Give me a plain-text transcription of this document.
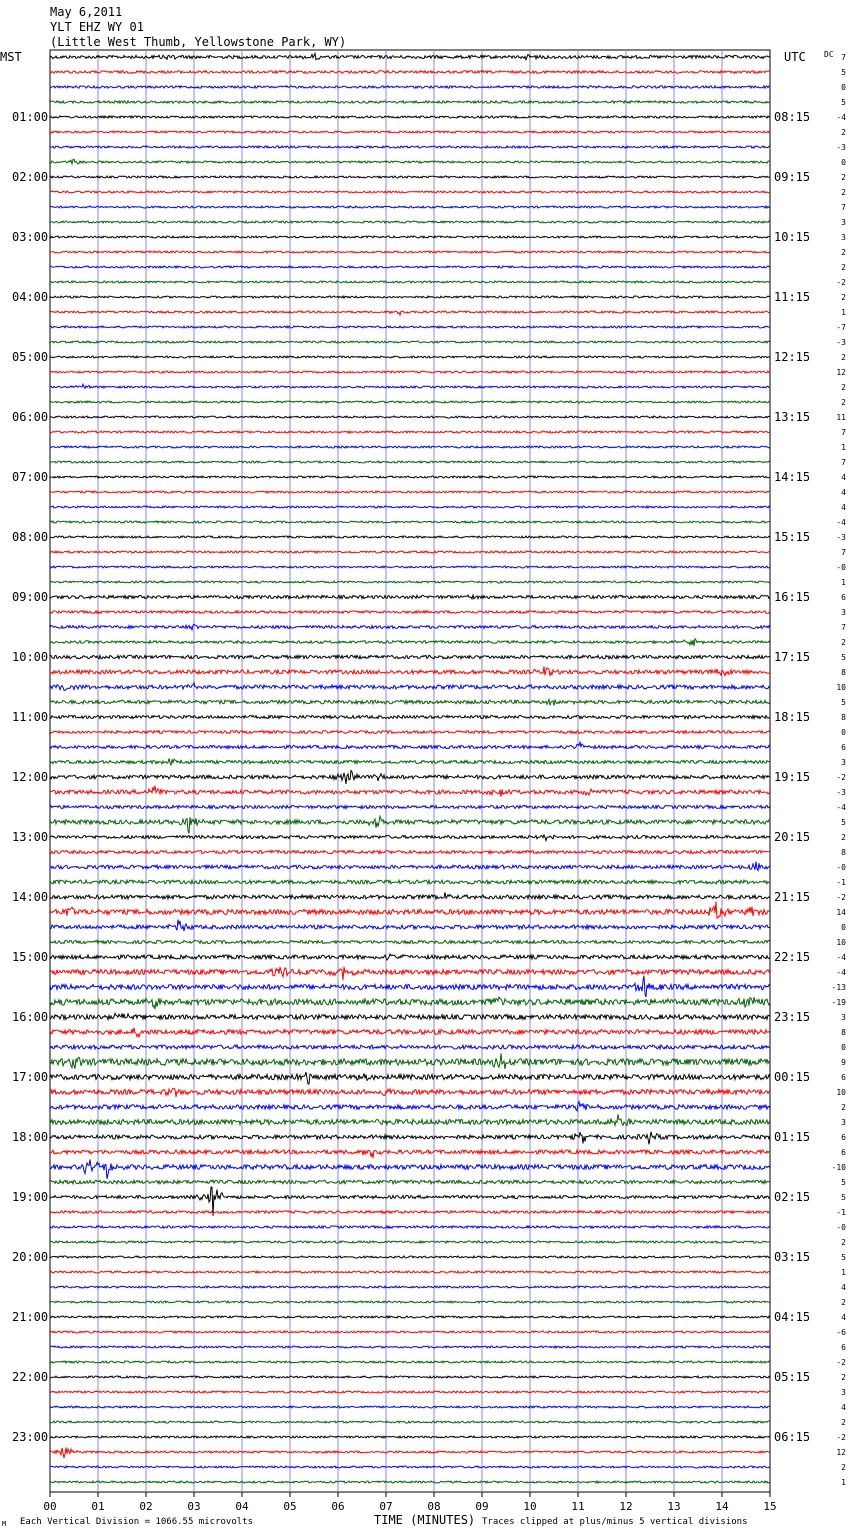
May 6,2011
YLT EHZ WY 01
(Little West Thumb, Yellowstone Park, WY)
MST	UTC DC
01:00
02:00
03:00
04:00
05:00
06:00
07:00
08:00
09:00
10:00
11:00
12:00
13:00
14:00
15:00
16:00
17:00
18:00
19:00
20:00
21:00
22:00
23:00
08:15
09:15
10:15
11:15
12:15
13:15
14:15
15:15
16:15
17:15
18:15
19:15
20:15
21:15
22:15
23:15
00:15
01:15
02:15
03:15
04:15
05:15
06:15
7
5
0
5
-4
2
-3
0
2
2
7
3
3
2
2
-2
2
1
-7
-3
2
12
2
2
11
7
1
7
4
4
4
-4
-3
7
-0
1
6
3
7
2
5
8
10
5
8
0
6
3
-2
-3
-4
5
2
8
-0
-1
-2
14
0
10
-4
-4
-13
-19
3
8
0
9
6
10
2
3
6
6
-10
5
5
-1
-0
2
5
1
4
2
4
-6
6
-2
2
3
4
2
-2
12
2
1
00	01	02	03	04	05	06	07	08	09	10	11	12	13	14	15
M Each Vertical Division = 1066.55 microvolts	TIME (MINUTES) Traces clipped at plus/minus 5 vertical divisions
